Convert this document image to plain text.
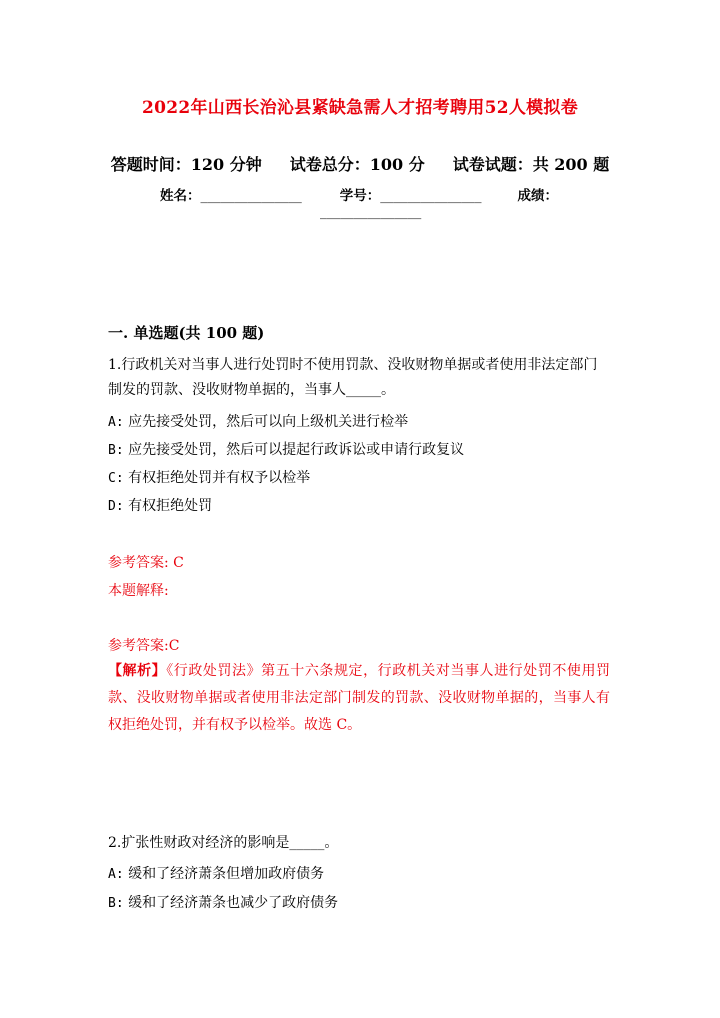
2022年山西长治沁县紧缺急需人才招考聘用52人模拟卷
答题时间：120 分钟 试卷总分：100 分 试卷试题：共 200 题
姓名：_______________	学号：_______________	成绩：
_______________
一. 单选题(共 100 题)
1.行政机关对当事人进行处罚时不使用罚款、没收财物单据或者使用非法定部门制发的罚款、没收财物单据的，当事人_____。
A: 应先接受处罚，然后可以向上级机关进行检举
B: 应先接受处罚，然后可以提起行政诉讼或申请行政复议
C: 有权拒绝处罚并有权予以检举
D: 有权拒绝处罚
参考答案: C
本题解释:
参考答案:C
【解析】《行政处罚法》第五十六条规定，行政机关对当事人进行处罚不使用罚款、没收财物单据或者使用非法定部门制发的罚款、没收财物单据的，当事人有权拒绝处罚，并有权予以检举。故选 C。
2.扩张性财政对经济的影响是_____。
A: 缓和了经济萧条但增加政府债务
B: 缓和了经济萧条也减少了政府债务
